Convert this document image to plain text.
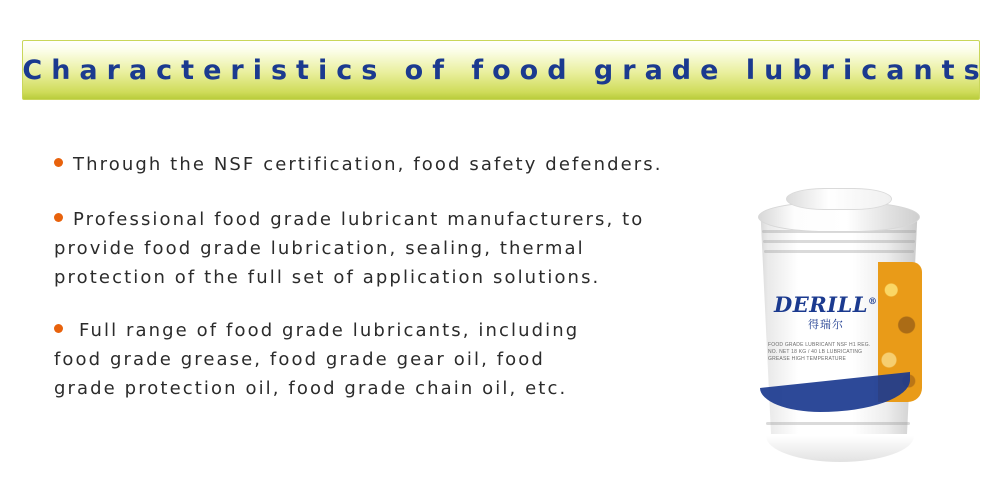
Characteristics of food grade lubricants
Through the NSF certification, food safety defenders.
Professional food grade lubricant manufacturers, to
provide food grade lubrication, sealing, thermal
protection of the full set of application solutions.
Full range of food grade lubricants, including
food grade grease, food grade gear oil, food
grade protection oil, food grade chain oil, etc.
DERILL®
得瑞尔
FOOD GRADE LUBRICANT NSF H1 REG. NO. NET 18 KG / 40 LB LUBRICATING GREASE HIGH TEMPERATURE
